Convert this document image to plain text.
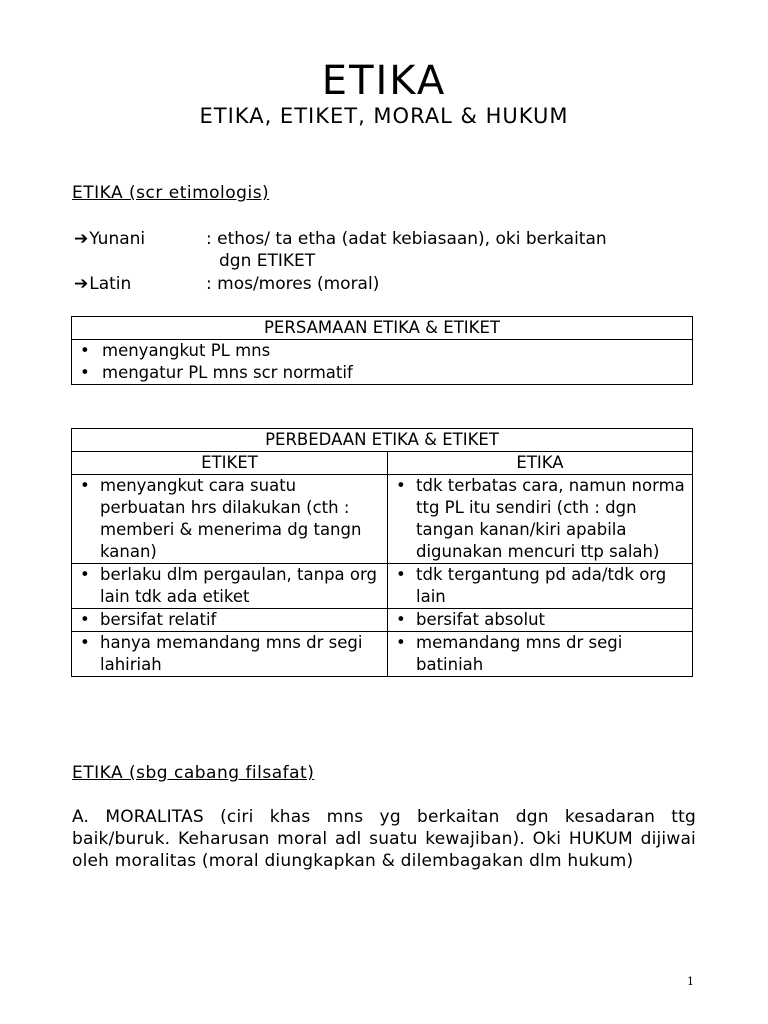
ETIKA
ETIKA, ETIKET, MORAL & HUKUM
ETIKA (scr etimologis)
➔Yunani	: ethos/ ta etha (adat kebiasaan), oki berkaitan
dgn ETIKET
➔Latin	: mos/mores (moral)
PERSAMAAN ETIKA & ETIKET

• menyangkut PL mns
• mengatur PL mns scr normatif
PERBEDAAN ETIKA & ETIKET	
ETIKET	ETIKA

• menyangkut cara suatu perbuatan hrs dilakukan (cth : memberi & menerima dg tangn kanan)	• tdk terbatas cara, namun norma ttg PL itu sendiri (cth : dgn tangan kanan/kiri apabila digunakan mencuri ttp salah)

• berlaku dlm pergaulan, tanpa org lain tdk ada etiket	• tdk tergantung pd ada/tdk org lain

• bersifat relatif	• bersifat absolut

• hanya memandang mns dr segi lahiriah	• memandang mns dr segi batiniah
ETIKA (sbg cabang filsafat)
A. MORALITAS (ciri khas mns yg berkaitan dgn kesadaran ttg baik/buruk. Keharusan moral adl suatu kewajiban). Oki HUKUM dijiwai oleh moralitas (moral diungkapkan & dilembagakan dlm hukum)
1
